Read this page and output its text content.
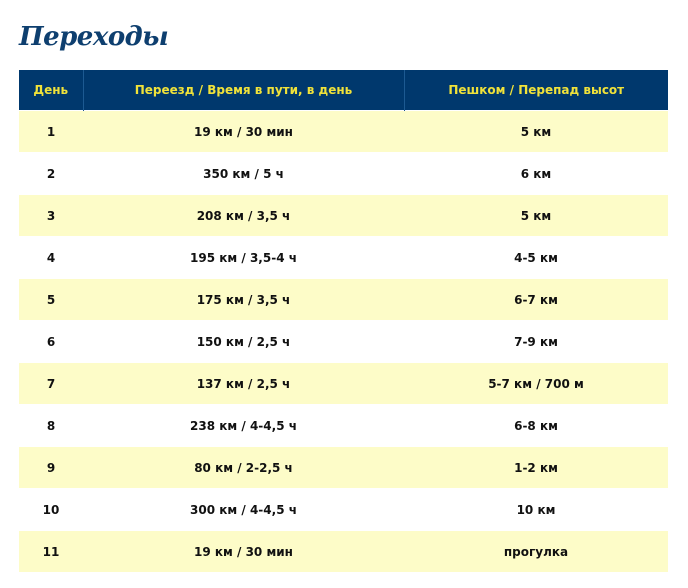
Переходы
День	Переезд / Время в пути, в день	Пешком / Перепад высот
1	19 км / 30 мин	5 км
2	350 км / 5 ч	6 км
3	208 км / 3,5 ч	5 км
4	195 км / 3,5-4 ч	4-5 км
5	175 км / 3,5 ч	6-7 км
6	150 км / 2,5 ч	7-9 км
7	137 км / 2,5 ч	5-7 км / 700 м
8	238 км / 4-4,5 ч	6-8 км
9	80 км / 2-2,5 ч	1-2 км
10	300 км / 4-4,5 ч	10 км
11	19 км / 30 мин	прогулка
